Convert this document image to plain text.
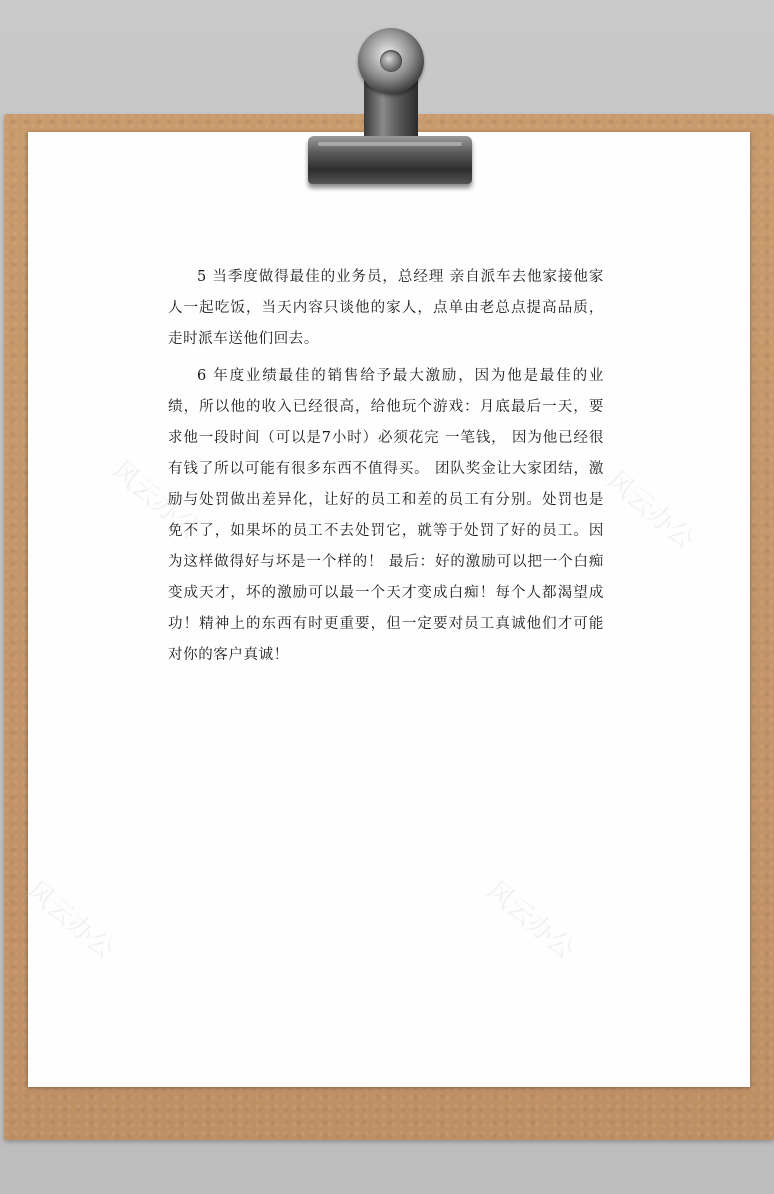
风云办公	风云办公
风云办公	风云办公

5 当季度做得最佳的业务员，总经理 亲自派车去他家接他家人一起吃饭，当天内容只谈他的家人，点单由老总点提高品质，走时派车送他们回去。

6 年度业绩最佳的销售给予最大激励，因为他是最佳的业绩，所以他的收入已经很高，给他玩个游戏：月底最后一天，要求他一段时间（可以是7小时）必须花完 一笔钱， 因为他已经很有钱了所以可能有很多东西不值得买。 团队奖金让大家团结，激励与处罚做出差异化，让好的员工和差的员工有分别。处罚也是免不了，如果坏的员工不去处罚它，就等于处罚了好的员工。因为这样做得好与坏是一个样的！ 最后：好的激励可以把一个白痴变成天才，坏的激励可以最一个天才变成白痴！每个人都渴望成功！精神上的东西有时更重要，但一定要对员工真诚他们才可能对你的客户真诚！
